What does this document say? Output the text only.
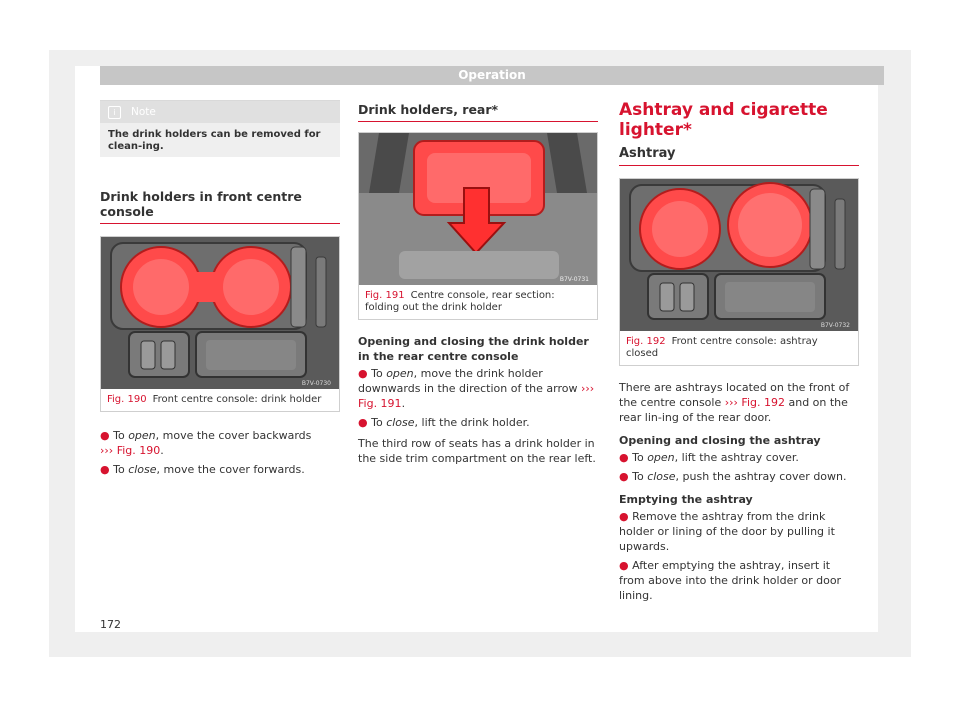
Operation
i	Note
The drink holders can be removed for clean-ing.
Drink holders in front centre console
B7V-0730
Fig. 190 Front centre console: drink holder

● To open, move the cover backwards
››› Fig. 190.

● To close, move the cover forwards.

Drink holders, rear*
B7V-0731
Fig. 191 Centre console, rear section: folding out the drink holder

Opening and closing the drink holder in the rear centre console

● To open, move the drink holder downwards in the direction of the arrow ››› Fig. 191.

● To close, lift the drink holder.

The third row of seats has a drink holder in the side trim compartment on the rear left.

Ashtray and cigarette lighter*
Ashtray
B7V-0732
Fig. 192 Front centre console: ashtray closed

There are ashtrays located on the front of the centre console ››› Fig. 192 and on the rear lin-ing of the rear door.

Opening and closing the ashtray

● To open, lift the ashtray cover.

● To close, push the ashtray cover down.

Emptying the ashtray

● Remove the ashtray from the drink holder or lining of the door by pulling it upwards.

● After emptying the ashtray, insert it from above into the drink holder or door lining.

172
